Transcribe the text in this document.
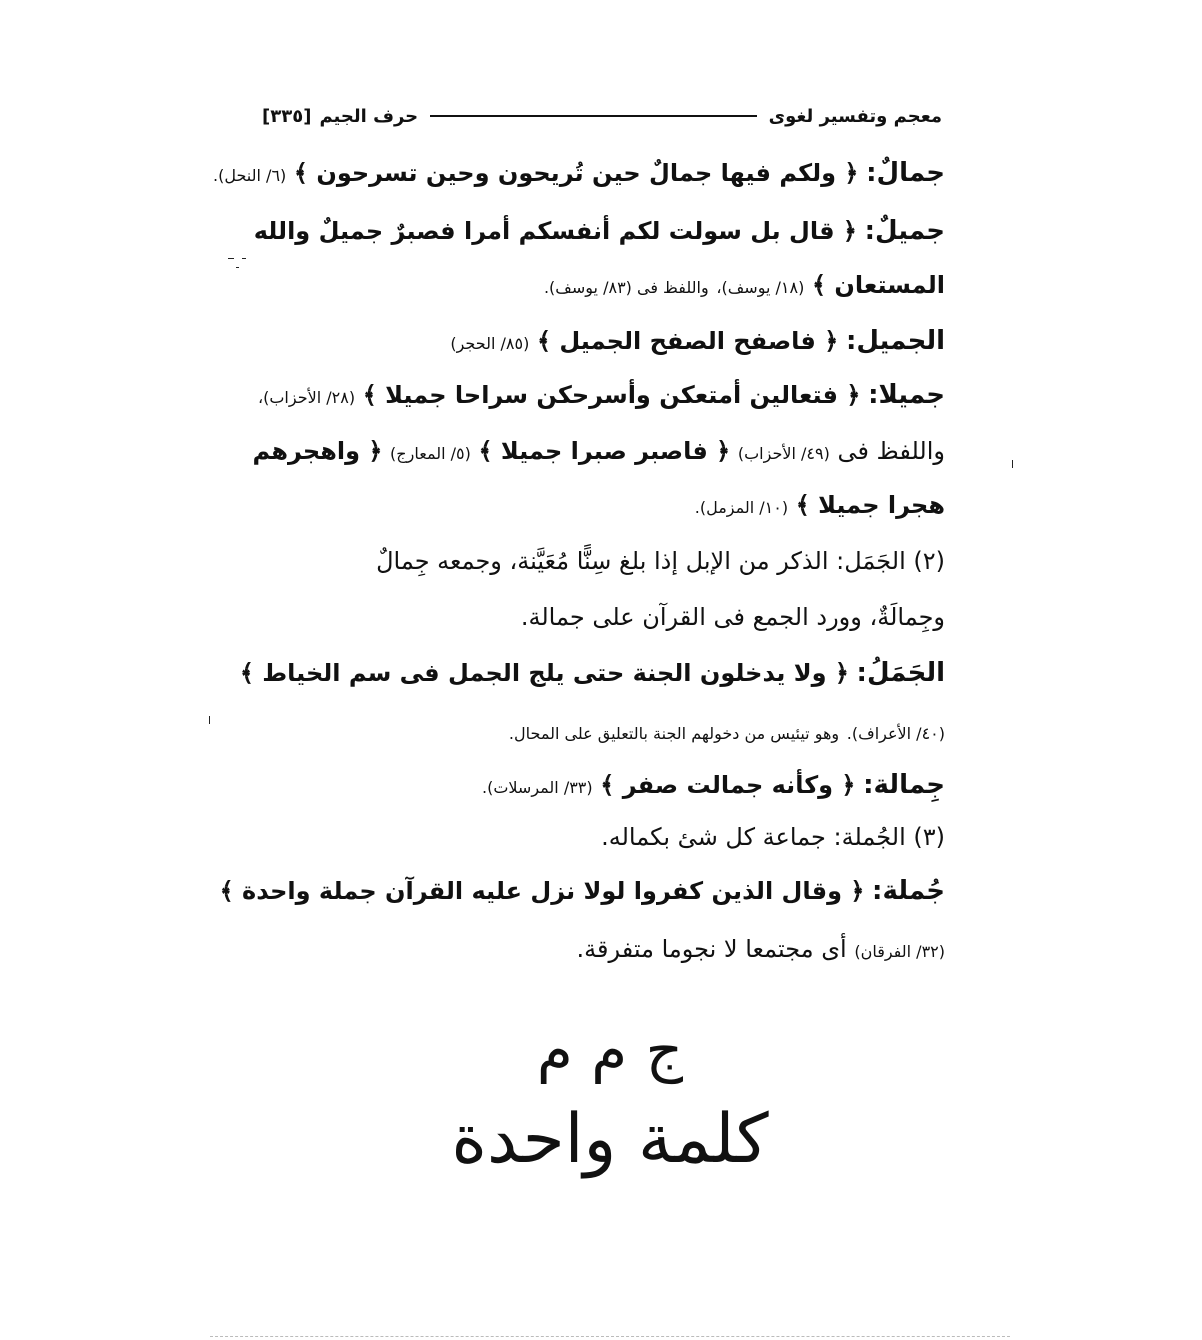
معجم وتفسير لغوى
حرف الجيم
[٣٣٥]
جمالٌ: ﴿ ولكم فيها جمالٌ حين تُريحون وحين تسرحون ﴾ (٦/ النحل).
جميلٌ: ﴿ قال بل سولت لكم أنفسكم أمرا فصبرٌ جميلٌ والله
المستعان ﴾ (١٨/ يوسف)، واللفظ فى (٨٣/ يوسف).
الجميل: ﴿ فاصفح الصفح الجميل ﴾ (٨٥/ الحجر)
جميلا: ﴿ فتعالين أمتعكن وأسرحكن سراحا جميلا ﴾ (٢٨/ الأحزاب)،
واللفظ فى (٤٩/ الأحزاب) ﴿ فاصبر صبرا جميلا ﴾ (٥/ المعارج) ﴿ واهجرهم
هجرا جميلا ﴾ (١٠/ المزمل).
(٢) الجَمَل: الذكر من الإبل إذا بلغ سِنًّا مُعَيَّنة، وجمعه جِمالٌ
وجِمالَةٌ، وورد الجمع فى القرآن على جمالة.
الجَمَلُ: ﴿ ولا يدخلون الجنة حتى يلج الجمل فى سم الخياط ﴾
(٤٠/ الأعراف). وهو تيئيس من دخولهم الجنة بالتعليق على المحال.
جِمالة: ﴿ وكأنه جمالت صفر ﴾ (٣٣/ المرسلات).
(٣) الجُملة: جماعة كل شئ بكماله.
جُملة: ﴿ وقال الذين كفروا لولا نزل عليه القرآن جملة واحدة ﴾
(٣٢/ الفرقان) أى مجتمعا لا نجوما متفرقة.
ج م م
كلمة واحدة
